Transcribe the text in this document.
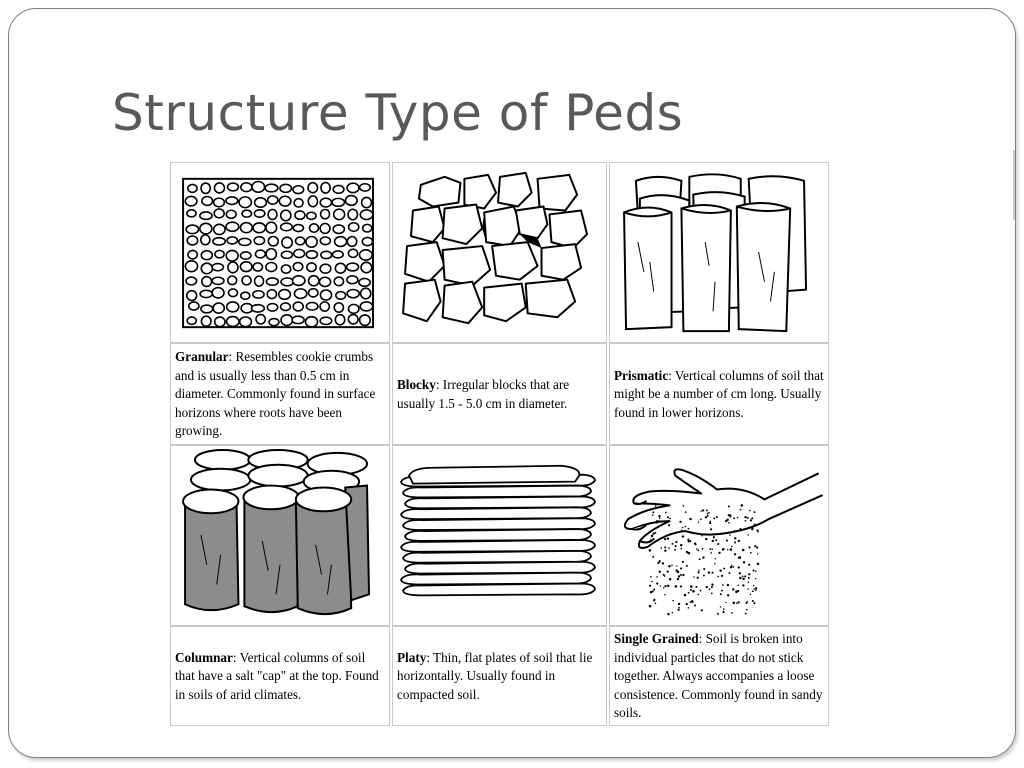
Structure Type of Peds

Granular: Resembles cookie crumbs and is usually less than 0.5 cm in diameter. Commonly found in surface horizons where roots have been growing.

Blocky: Irregular blocks that are usually 1.5 - 5.0 cm in diameter.

Prismatic: Vertical columns of soil that might be a number of cm long. Usually found in lower horizons.

Columnar: Vertical columns of soil that have a salt "cap" at the top. Found in soils of arid climates.

Platy: Thin, flat plates of soil that lie horizontally. Usually found in compacted soil.

Single Grained: Soil is broken into individual particles that do not stick together. Always accompanies a loose consistence. Commonly found in sandy soils.
